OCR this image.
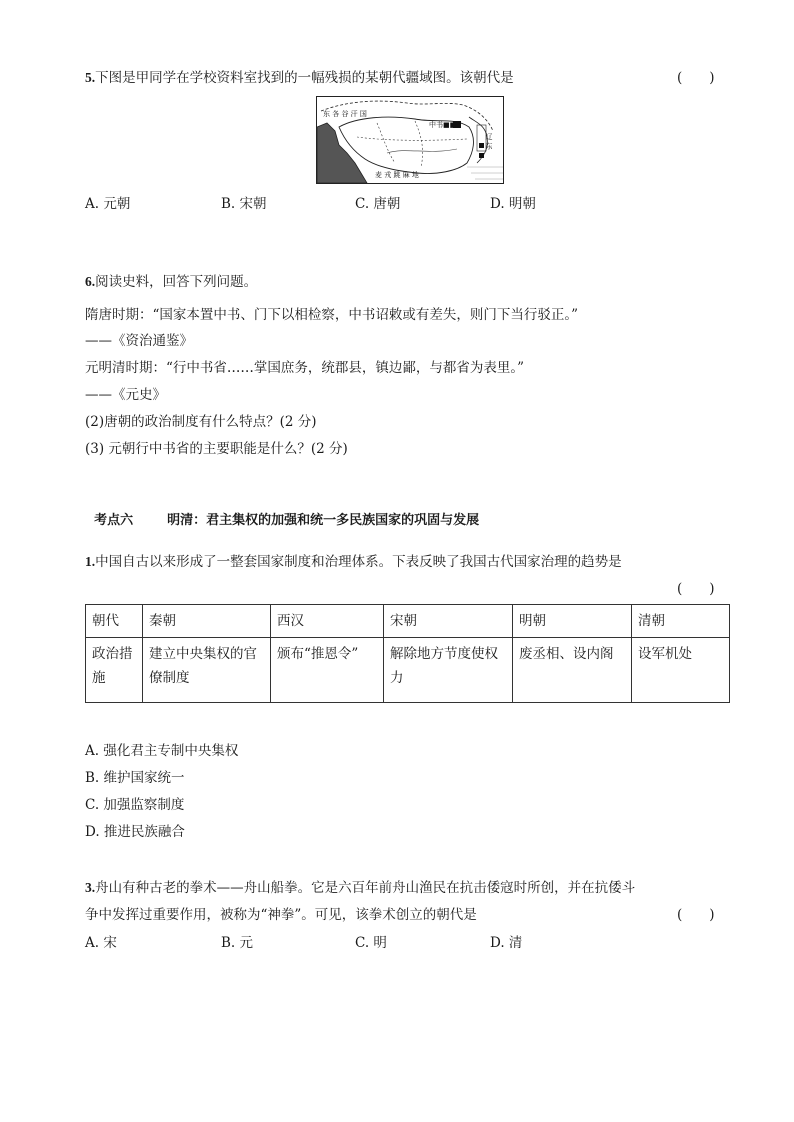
5.下图是甲同学在学校资料室找到的一幅残损的某朝代疆域图。该朝代是	(　　)
东 各 谷 汗 国
中书■■
麦 戎 跳 麻 地
辽 东
A. 元朝	B. 宋朝	C. 唐朝	D. 明朝
6.阅读史料，回答下列问题。
隋唐时期：“国家本置中书、门下以相检察，中书诏敕或有差失，则门下当行驳正。”
——《资治通鉴》
元明清时期：“行中书省……掌国庶务，统郡县，镇边鄙，与都省为表里。”
——《元史》
(2)唐朝的政治制度有什么特点？(2 分)
(3) 元朝行中书省的主要职能是什么？(2 分)

考点六	明清：君主集权的加强和统一多民族国家的巩固与发展

1.中国自古以来形成了一整套国家制度和治理体系。下表反映了我国古代国家治理的趋势是
(　　)
朝代	秦朝	西汉	宋朝	明朝	清朝
政治措施	建立中央集权的官僚制度	颁布“推恩令”	解除地方节度使权力	废丞相、设内阁	设军机处
A. 强化君主专制中央集权
B. 维护国家统一
C. 加强监察制度
D. 推进民族融合
3.舟山有种古老的拳术——舟山船拳。它是六百年前舟山渔民在抗击倭寇时所创，并在抗倭斗
争中发挥过重要作用，被称为“神拳”。可见，该拳术创立的朝代是	(　　)
A. 宋	B. 元	C. 明	D. 清
